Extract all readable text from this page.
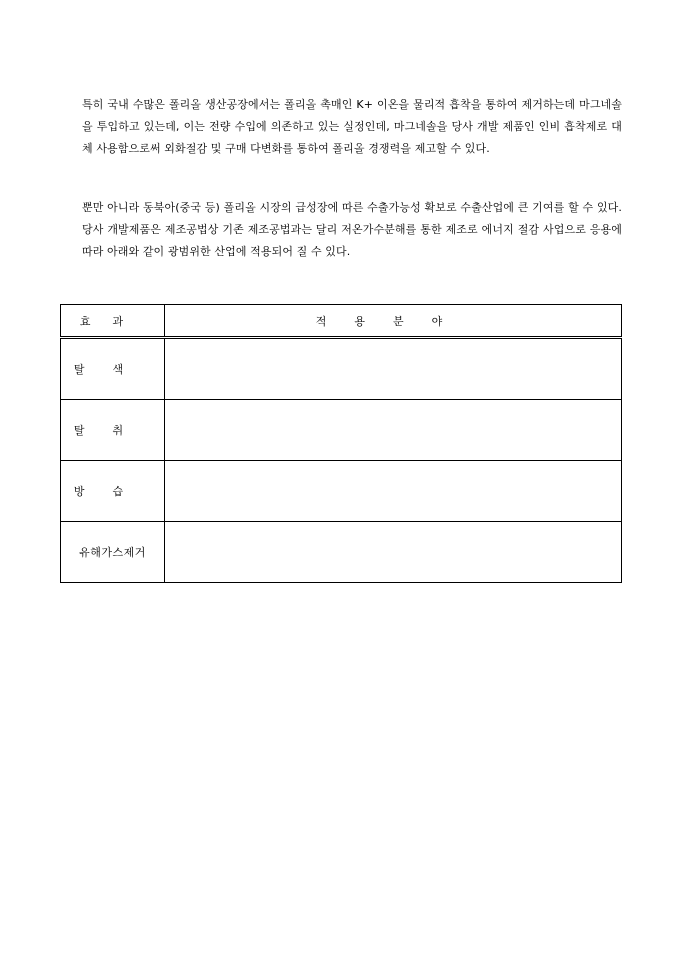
특히 국내 수많은 폴리올 생산공장에서는 폴리올 촉매인 K+ 이온을 물리적 흡착을 통하여 제거하는데 마그네솔을 투입하고 있는데, 이는 전량 수입에 의존하고 있는 실정인데, 마그네솔을 당사 개발 제품인 인비 흡착제로 대체 사용함으로써 외화절감 및 구매 다변화를 통하여 폴리올 경쟁력을 제고할 수 있다.

뿐만 아니라 동북아(중국 등) 폴리올 시장의 급성장에 따른 수출가능성 확보로 수출산업에 큰 기여를 할 수 있다. 당사 개발제품은 제조공법상 기존 제조공법과는 달리 저온가수분해를 통한 제조로 에너지 절감 사업으로 응용에 따라 아래와 같이 광범위한 산업에 적용되어 질 수 있다.

효과	적용분야
탈색	
탈취	
방습	
유해가스제거	
